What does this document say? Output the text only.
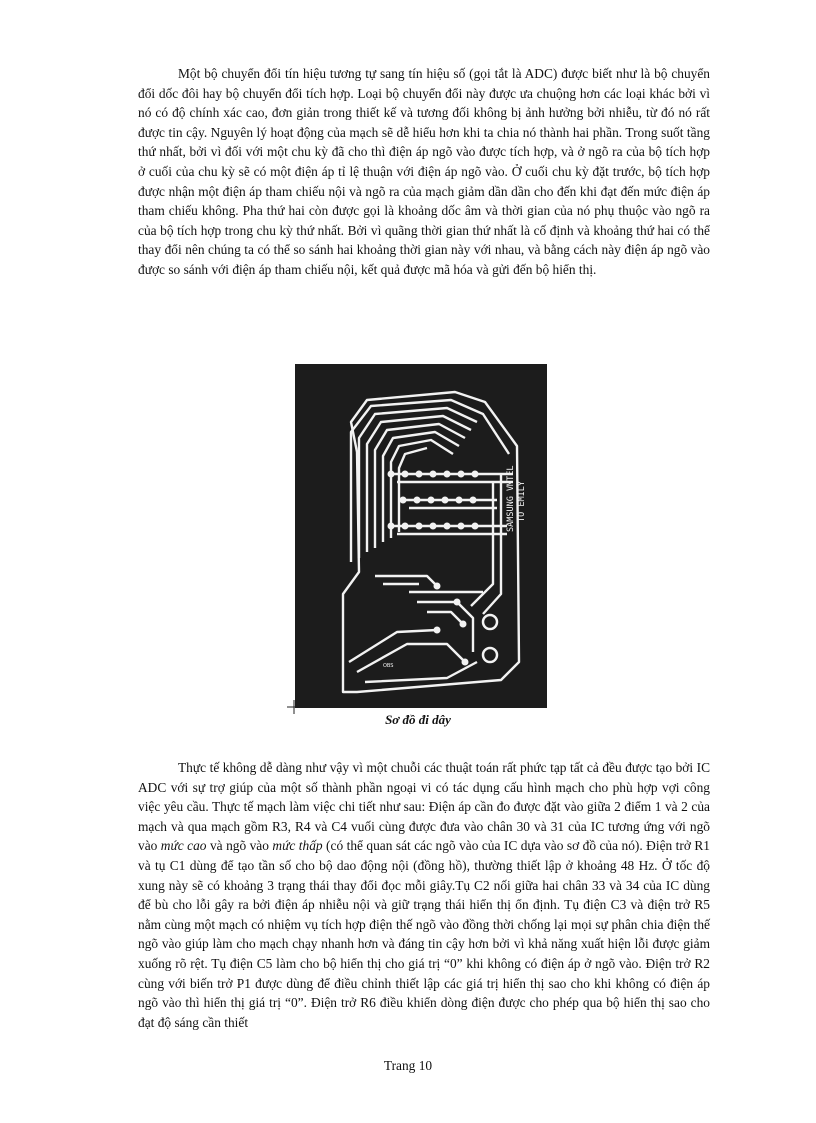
Một bộ chuyển đổi tín hiệu tương tự sang tín hiệu số (gọi tắt là ADC) được biết như là bộ chuyển đổi dốc đôi hay bộ chuyển đổi tích hợp. Loại bộ chuyển đổi này được ưa chuộng hơn các loại khác bởi vì nó có độ chính xác cao, đơn giản trong thiết kế và tương đối không bị ảnh hưởng bởi nhiễu, từ đó nó rất được tin cậy. Nguyên lý hoạt động của mạch sẽ dễ hiểu hơn khi ta chia nó thành hai phần. Trong suốt tầng thứ nhất, bởi vì đối với một chu kỳ đã cho thì điện áp ngõ vào được tích hợp, và ở ngõ ra của bộ tích hợp ở cuối của chu kỳ sẽ có một điện áp tỉ lệ thuận với điện áp ngõ vào. Ở cuối chu kỳ đặt trước, bộ tích hợp được nhận một điện áp tham chiếu nội và ngõ ra của mạch giảm dần dần cho đến khi đạt đến mức điện áp tham chiếu không. Pha thứ hai còn được gọi là khoảng dốc âm và thời gian của nó phụ thuộc vào ngõ ra của bộ tích hợp trong chu kỳ thứ nhất. Bởi vì quãng thời gian thứ nhất là cố định và khoảng thứ hai có thể thay đổi nên chúng ta có thể so sánh hai khoảng thời gian này với nhau, và bằng cách này điện áp ngõ vào được so sánh với điện áp tham chiếu nội, kết quả được mã hóa và gửi đến bộ hiển thị.

SAMSUNG VMTEL TO EMILY
OBS
Sơ đồ đi dây

Thực tế không dễ dàng như vậy vì một chuỗi các thuật toán rất phức tạp tất cả đều được tạo bởi IC ADC với sự trợ giúp của một số thành phần ngoại vi có tác dụng cấu hình mạch cho phù hợp vợi công việc yêu cầu. Thực tế mạch làm việc chi tiết như sau: Điện áp cần đo được đặt vào giữa 2 điểm 1 và 2 của mạch và qua mạch gồm R3, R4 và C4 vuối cùng được đưa vào chân 30 và 31 của IC tương ứng với ngõ vào mức cao và ngõ vào mức thấp (có thể quan sát các ngõ vào của IC dựa vào sơ đồ của nó). Điện trở R1 và tụ C1 dùng để tạo tần số cho bộ dao động nội (đồng hồ), thường thiết lập ở khoảng 48 Hz. Ở tốc độ xung này sẽ có khoảng 3 trạng thái thay đổi đọc mỗi giây.Tụ C2 nối giữa hai chân 33 và 34 của IC dùng để bù cho lỗi gây ra bởi điện áp nhiễu nội và giữ trạng thái hiển thị ổn định. Tụ điện C3 và điện trở R5 nằm cùng một mạch có nhiệm vụ tích hợp điện thế ngõ vào đồng thời chống lại mọi sự phân chia điện thế ngõ vào giúp làm cho mạch chạy nhanh hơn và đáng tin cậy hơn bởi vì khả năng xuất hiện lỗi được giảm xuống rõ rệt. Tụ điện C5 làm cho bộ hiển thị cho giá trị “0” khi không có điện áp ở ngõ vào. Điện trở R2 cùng với biến trở P1 được dùng để điều chỉnh thiết lập các giá trị hiển thị sao cho khi không có điện áp ngõ vào thì hiển thị giá trị “0”. Điện trở R6 điều khiển dòng điện được cho phép qua bộ hiển thị sao cho đạt độ sáng cần thiết

Trang 10
